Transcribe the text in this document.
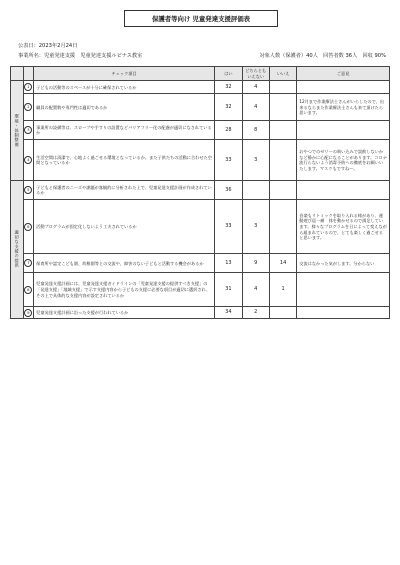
保護者等向け 児童発達支援評価表
公表日：2023年2月24日
事業所名：児童発達支援　児童発達支援ルピナス教室	対象人数（保護者）40人　回答者数 36人　回収 90%
		チェック項目	はい	どちらとも いえない	いいえ	ご意見
環境・体制整備	1	子どもの活動等のスペースが十分に確保されているか	32	4		
	2	職員の配置数や専門性は適切であるか	32	4		12月まで作業療法士さんがいらしたので、出来るならまた作業療法士さんも来て頂けたら思います。
	3	事業所の設備等は、スロープや手すりの設置などバリアフリー化の配慮が適切になされているか	28	8		
	4	生活空間は清潔で、心地よく過ごせる環境となっているか。また子供たちの活動に合わせた空間となっているか	33	3		おやつでのゼリーの吸い込みで誤飲しないかなど静かに心配になることがあります。コロナ流行らないよう消毒予防への徹底をお願いいたします。マスクもですね〜。
適切な支援の提供	5	子どもと保護者のニーズや課題が客観的に分析された上で、児童発達支援計画が作成されているか	36			
	6	活動プログラムが固定化しないよう工夫されているか	33	3		音楽もリトミックを取り入れる様があり、運動遊び巡一緒　体を動かせるので満足しています。様々なプログラムを日によって変えながら組まれているので、とても楽しく過ごせると思います。
	7	保育所や認定こども園、幼稚園等との交流や、障害のない子どもと活動する機会があるか	13	9	14	交流はなかった気がします。分からない
	8	児童発達支援計画には、児童発達支援ガイドラインの「児童発達支援の提供すべき支援」の「発達支援」「地域支援」で示す支援内容から子どもの支援に必要な項目が適切に選択され、その上で具体的な支援内容が設定されているか	31	4	1	
	9	児童発達支援計画に沿った支援が行われているか	34	2		
